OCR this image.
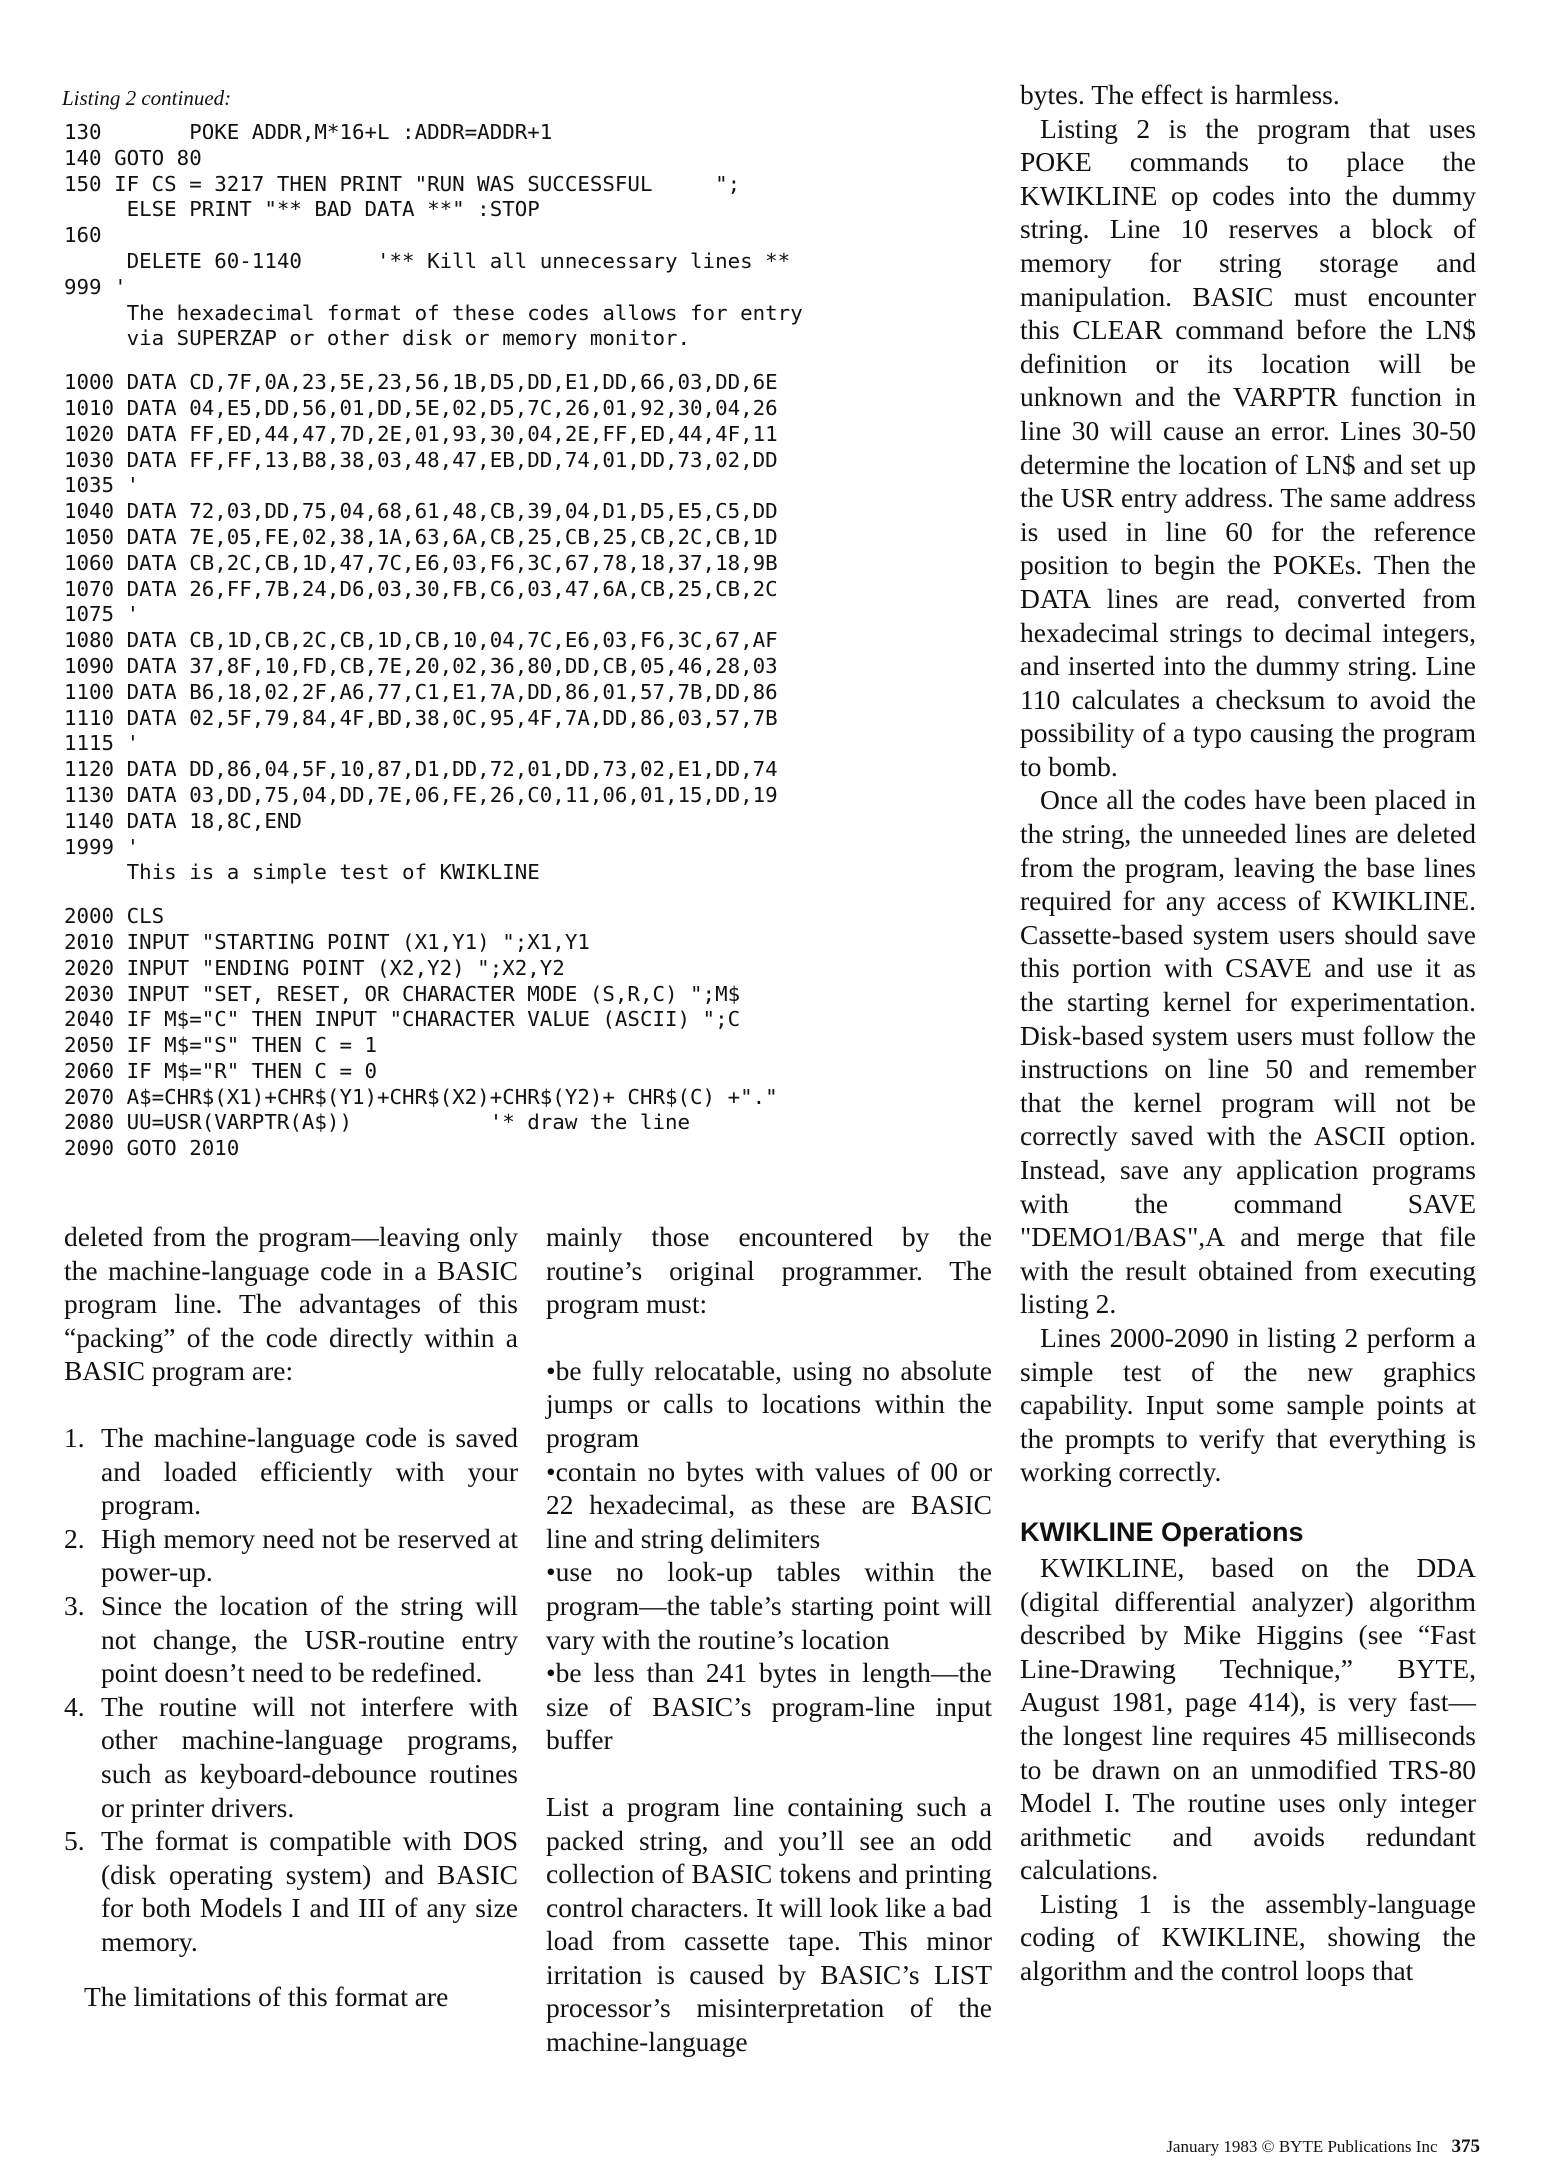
Listing 2 continued:
130       POKE ADDR,M*16+L :ADDR=ADDR+1
140 GOTO 80
150 IF CS = 3217 THEN PRINT "RUN WAS SUCCESSFUL     ";
ELSE PRINT "** BAD DATA **" :STOP
160
DELETE 60-1140      '** Kill all unnecessary lines **
999 '
The hexadecimal format of these codes allows for entry
via SUPERZAP or other disk or memory monitor.
1000 DATA CD,7F,0A,23,5E,23,56,1B,D5,DD,E1,DD,66,03,DD,6E
1010 DATA 04,E5,DD,56,01,DD,5E,02,D5,7C,26,01,92,30,04,26
1020 DATA FF,ED,44,47,7D,2E,01,93,30,04,2E,FF,ED,44,4F,11
1030 DATA FF,FF,13,B8,38,03,48,47,EB,DD,74,01,DD,73,02,DD
1035 '
1040 DATA 72,03,DD,75,04,68,61,48,CB,39,04,D1,D5,E5,C5,DD
1050 DATA 7E,05,FE,02,38,1A,63,6A,CB,25,CB,25,CB,2C,CB,1D
1060 DATA CB,2C,CB,1D,47,7C,E6,03,F6,3C,67,78,18,37,18,9B
1070 DATA 26,FF,7B,24,D6,03,30,FB,C6,03,47,6A,CB,25,CB,2C
1075 '
1080 DATA CB,1D,CB,2C,CB,1D,CB,10,04,7C,E6,03,F6,3C,67,AF
1090 DATA 37,8F,10,FD,CB,7E,20,02,36,80,DD,CB,05,46,28,03
1100 DATA B6,18,02,2F,A6,77,C1,E1,7A,DD,86,01,57,7B,DD,86
1110 DATA 02,5F,79,84,4F,BD,38,0C,95,4F,7A,DD,86,03,57,7B
1115 '
1120 DATA DD,86,04,5F,10,87,D1,DD,72,01,DD,73,02,E1,DD,74
1130 DATA 03,DD,75,04,DD,7E,06,FE,26,C0,11,06,01,15,DD,19
1140 DATA 18,8C,END
1999 '
This is a simple test of KWIKLINE
2000 CLS
2010 INPUT "STARTING POINT (X1,Y1) ";X1,Y1
2020 INPUT "ENDING POINT (X2,Y2) ";X2,Y2
2030 INPUT "SET, RESET, OR CHARACTER MODE (S,R,C) ";M$
2040 IF M$="C" THEN INPUT "CHARACTER VALUE (ASCII) ";C
2050 IF M$="S" THEN C = 1
2060 IF M$="R" THEN C = 0
2070 A$=CHR$(X1)+CHR$(Y1)+CHR$(X2)+CHR$(Y2)+ CHR$(C) +"."
2080 UU=USR(VARPTR(A$))           '* draw the line
2090 GOTO 2010

deleted from the program—leaving only the machine-language code in a BASIC program line. The advantages of this “packing” of the code directly within a BASIC program are:

1. The machine-language code is saved and loaded efficiently with your program.
2. High memory need not be reserved at power-up.
3. Since the location of the string will not change, the USR-routine entry point doesn’t need to be redefined.
4. The routine will not interfere with other machine-language programs, such as keyboard-debounce routines or printer drivers.
5. The format is compatible with DOS (disk operating system) and BASIC for both Models I and III of any size memory.

The limitations of this format are

mainly those encountered by the routine’s original programmer. The program must:

•be fully relocatable, using no absolute jumps or calls to locations within the program

•contain no bytes with values of 00 or 22 hexadecimal, as these are BASIC line and string delimiters

•use no look-up tables within the program—the table’s starting point will vary with the routine’s location

•be less than 241 bytes in length—the size of BASIC’s program-line input buffer

List a program line containing such a packed string, and you’ll see an odd collection of BASIC tokens and printing control characters. It will look like a bad load from cassette tape. This minor irritation is caused by BASIC’s LIST processor’s misinterpretation of the machine-language

bytes. The effect is harmless.

Listing 2 is the program that uses POKE commands to place the KWIKLINE op codes into the dummy string. Line 10 reserves a block of memory for string storage and manipulation. BASIC must encounter this CLEAR command before the LN$ definition or its location will be unknown and the VARPTR function in line 30 will cause an error. Lines 30-50 determine the location of LN$ and set up the USR entry address. The same address is used in line 60 for the reference position to begin the POKEs. Then the DATA lines are read, converted from hexadecimal strings to decimal integers, and inserted into the dummy string. Line 110 calculates a checksum to avoid the possibility of a typo causing the program to bomb.

Once all the codes have been placed in the string, the unneeded lines are deleted from the program, leaving the base lines required for any access of KWIKLINE. Cassette-based system users should save this portion with CSAVE and use it as the starting kernel for experimentation. Disk-based system users must follow the instructions on line 50 and remember that the kernel program will not be correctly saved with the ASCII option. Instead, save any application programs with the command SAVE "DEMO1/BAS",A and merge that file with the result obtained from executing listing 2.

Lines 2000-2090 in listing 2 perform a simple test of the new graphics capability. Input some sample points at the prompts to verify that everything is working correctly.

KWIKLINE Operations

KWIKLINE, based on the DDA (digital differential analyzer) algorithm described by Mike Higgins (see “Fast Line-Drawing Technique,” BYTE, August 1981, page 414), is very fast—the longest line requires 45 milliseconds to be drawn on an unmodified TRS-80 Model I. The routine uses only integer arithmetic and avoids redundant calculations.

Listing 1 is the assembly-language coding of KWIKLINE, showing the algorithm and the control loops that

January 1983 © BYTE Publications Inc 375
